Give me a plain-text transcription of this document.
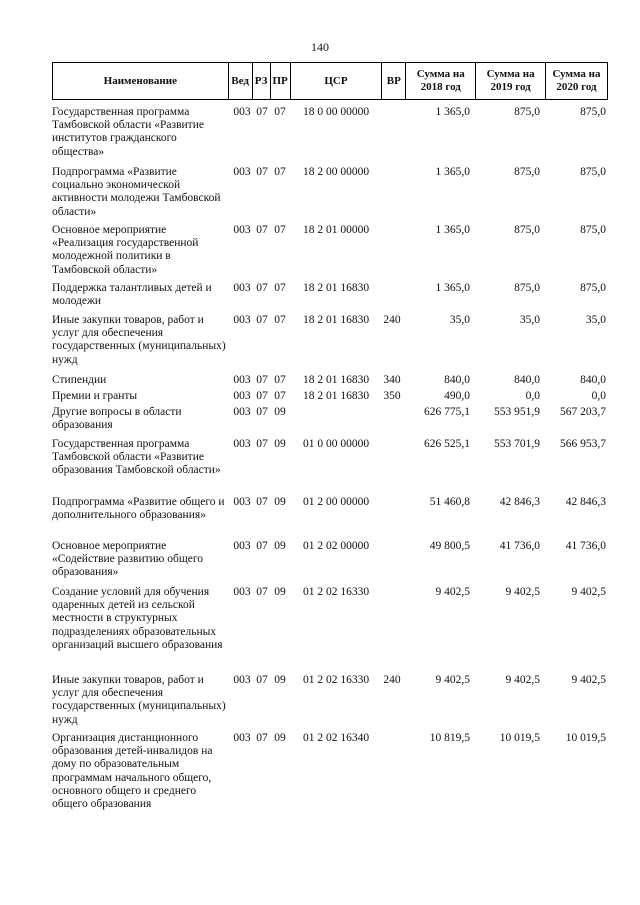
140
Наименование	Вед	РЗ	ПР	ЦСР	ВР	Сумма на 2018 год	Сумма на 2019 год	Сумма на 2020 год
Государственная программа Тамбовской области «Развитие институтов гражданского общества»
003 07 07	18 0 00 00000	1 365,0	875,0	875,0
Подпрограмма «Развитие социально экономической активности молодежи Тамбовской области»
003 07 07	18 2 00 00000	1 365,0	875,0	875,0
Основное мероприятие «Реализация государственной молодежной политики в Тамбовской области»
003 07 07	18 2 01 00000	1 365,0	875,0	875,0
Поддержка талантливых детей и молодежи
003 07 07	18 2 01 16830	1 365,0	875,0	875,0
Иные закупки товаров, работ и услуг для обеспечения государственных (муниципальных) нужд
003 07 07	18 2 01 16830	240	35,0	35,0	35,0
Стипендии	003 07 07	18 2 01 16830	340	840,0	840,0	840,0
Премии и гранты	003 07 07	18 2 01 16830	350	490,0	0,0	0,0
Другие вопросы в области образования
003 07 09	626 775,1	553 951,9	567 203,7
Государственная программа Тамбовской области «Развитие образования Тамбовской области»
003 07 09	01 0 00 00000	626 525,1	553 701,9	566 953,7
Подпрограмма «Развитие общего и дополнительного образования»
003 07 09	01 2 00 00000	51 460,8	42 846,3	42 846,3
Основное мероприятие «Содействие развитию общего образования»
003 07 09	01 2 02 00000	49 800,5	41 736,0	41 736,0
Создание условий для обучения одаренных детей из сельской местности в структурных подразделениях образовательных организаций высшего образования
003 07 09	01 2 02 16330	9 402,5	9 402,5	9 402,5
Иные закупки товаров, работ и услуг для обеспечения государственных (муниципальных) нужд
003 07 09	01 2 02 16330	240	9 402,5	9 402,5	9 402,5
Организация дистанционного образования детей-инвалидов на дому по образовательным программам начального общего, основного общего и среднего общего образования
003 07 09	01 2 02 16340	10 819,5	10 019,5	10 019,5
